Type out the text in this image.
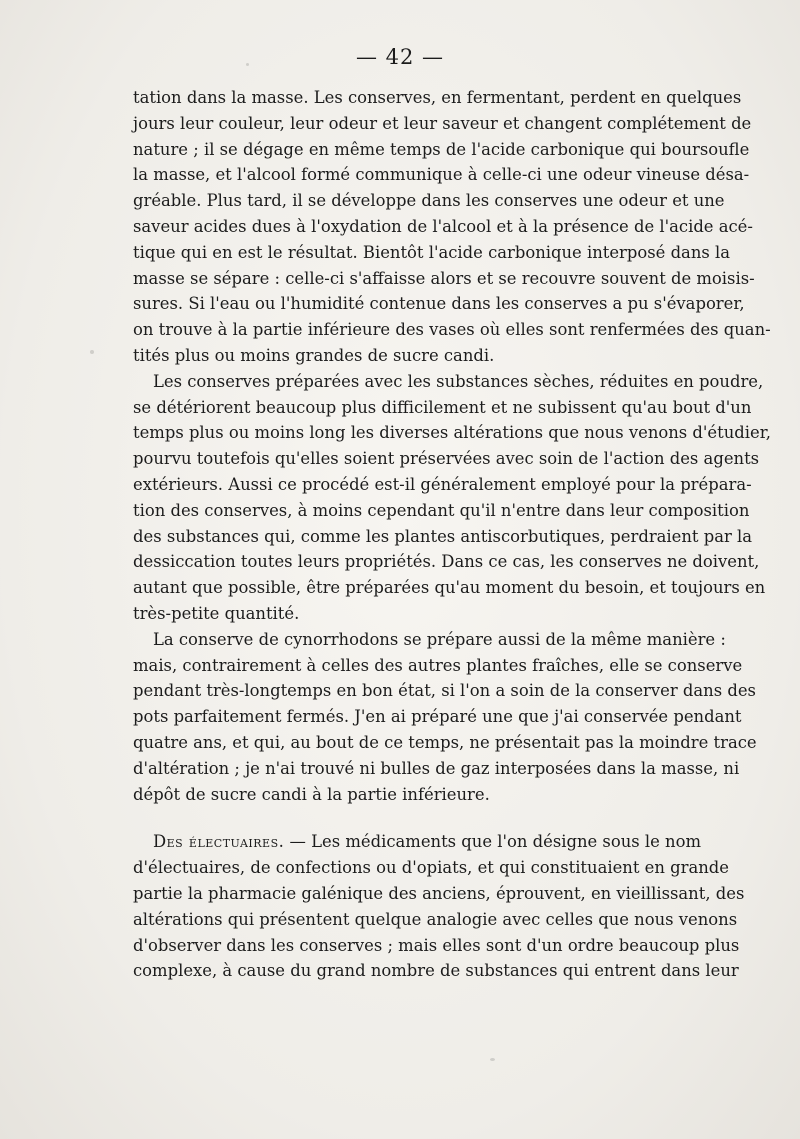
— 42 —
tation dans la masse. Les conserves, en fermentant, perdent en quelques
jours leur couleur, leur odeur et leur saveur et changent complétement de
nature ; il se dégage en même temps de l'acide carbonique qui boursoufle
la masse, et l'alcool formé communique à celle-ci une odeur vineuse désa-
gréable. Plus tard, il se développe dans les conserves une odeur et une
saveur acides dues à l'oxydation de l'alcool et à la présence de l'acide acé-
tique qui en est le résultat. Bientôt l'acide carbonique interposé dans la
masse se sépare : celle-ci s'affaisse alors et se recouvre souvent de moisis-
sures. Si l'eau ou l'humidité contenue dans les conserves a pu s'évaporer,
on trouve à la partie inférieure des vases où elles sont renfermées des quan-
tités plus ou moins grandes de sucre candi.
Les conserves préparées avec les substances sèches, réduites en poudre,
se détériorent beaucoup plus difficilement et ne subissent qu'au bout d'un
temps plus ou moins long les diverses altérations que nous venons d'étudier,
pourvu toutefois qu'elles soient préservées avec soin de l'action des agents
extérieurs. Aussi ce procédé est-il généralement employé pour la prépara-
tion des conserves, à moins cependant qu'il n'entre dans leur composition
des substances qui, comme les plantes antiscorbutiques, perdraient par la
dessiccation toutes leurs propriétés. Dans ce cas, les conserves ne doivent,
autant que possible, être préparées qu'au moment du besoin, et toujours en
très-petite quantité.
La conserve de cynorrhodons se prépare aussi de la même manière :
mais, contrairement à celles des autres plantes fraîches, elle se conserve
pendant très-longtemps en bon état, si l'on a soin de la conserver dans des
pots parfaitement fermés. J'en ai préparé une que j'ai conservée pendant
quatre ans, et qui, au bout de ce temps, ne présentait pas la moindre trace
d'altération ; je n'ai trouvé ni bulles de gaz interposées dans la masse, ni
dépôt de sucre candi à la partie inférieure.
Des électuaires. — Les médicaments que l'on désigne sous le nom
d'électuaires, de confections ou d'opiats, et qui constituaient en grande
partie la pharmacie galénique des anciens, éprouvent, en vieillissant, des
altérations qui présentent quelque analogie avec celles que nous venons
d'observer dans les conserves ; mais elles sont d'un ordre beaucoup plus
complexe, à cause du grand nombre de substances qui entrent dans leur
